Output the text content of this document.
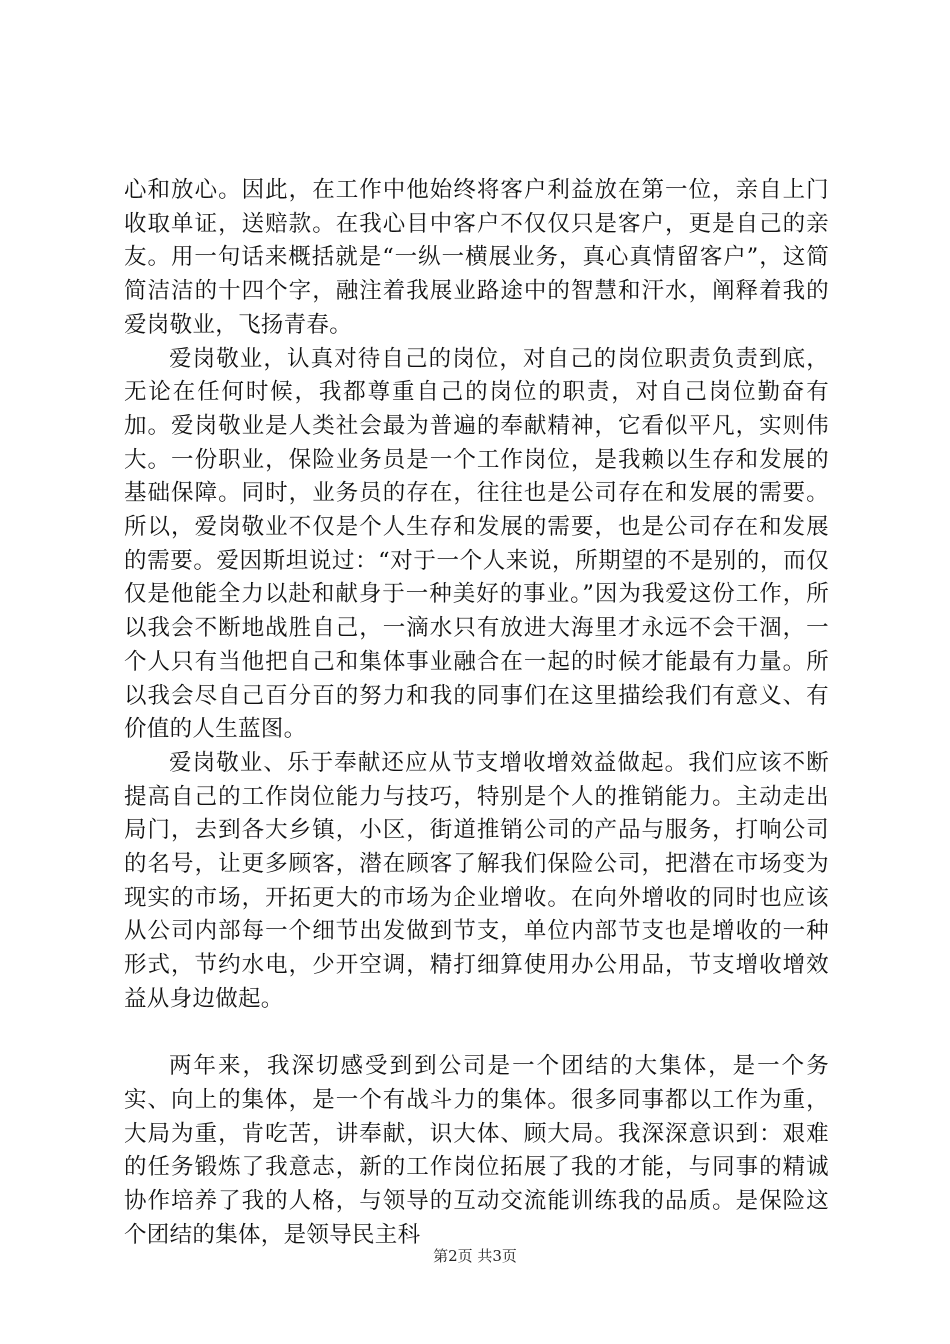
心和放心。因此，在工作中他始终将客户利益放在第一位，亲自上门收取单证，送赔款。在我心目中客户不仅仅只是客户，更是自己的亲友。用一句话来概括就是“一纵一横展业务，真心真情留客户”，这简简洁洁的十四个字，融注着我展业路途中的智慧和汗水，阐释着我的爱岗敬业，飞扬青春。

爱岗敬业，认真对待自己的岗位，对自己的岗位职责负责到底，无论在任何时候，我都尊重自己的岗位的职责，对自己岗位勤奋有加。爱岗敬业是人类社会最为普遍的奉献精神，它看似平凡，实则伟大。一份职业，保险业务员是一个工作岗位，是我赖以生存和发展的基础保障。同时，业务员的存在，往往也是公司存在和发展的需要。所以，爱岗敬业不仅是个人生存和发展的需要，也是公司存在和发展的需要。爱因斯坦说过：“对于一个人来说，所期望的不是别的，而仅仅是他能全力以赴和献身于一种美好的事业。”因为我爱这份工作，所以我会不断地战胜自己，一滴水只有放进大海里才永远不会干涸，一个人只有当他把自己和集体事业融合在一起的时候才能最有力量。所以我会尽自己百分百的努力和我的同事们在这里描绘我们有意义、有价值的人生蓝图。

爱岗敬业、乐于奉献还应从节支增收增效益做起。我们应该不断提高自己的工作岗位能力与技巧，特别是个人的推销能力。主动走出局门，去到各大乡镇，小区，街道推销公司的产品与服务，打响公司的名号，让更多顾客，潜在顾客了解我们保险公司，把潜在市场变为现实的市场，开拓更大的市场为企业增收。在向外增收的同时也应该从公司内部每一个细节出发做到节支，单位内部节支也是增收的一种形式，节约水电，少开空调，精打细算使用办公用品，节支增收增效益从身边做起。

两年来，我深切感受到到公司是一个团结的大集体，是一个务实、向上的集体，是一个有战斗力的集体。很多同事都以工作为重，大局为重，肯吃苦，讲奉献，识大体、顾大局。我深深意识到：艰难的任务锻炼了我意志，新的工作岗位拓展了我的才能，与同事的精诚协作培养了我的人格，与领导的互动交流能训练我的品质。是保险这个团结的集体，是领导民主科

第2页 共3页
